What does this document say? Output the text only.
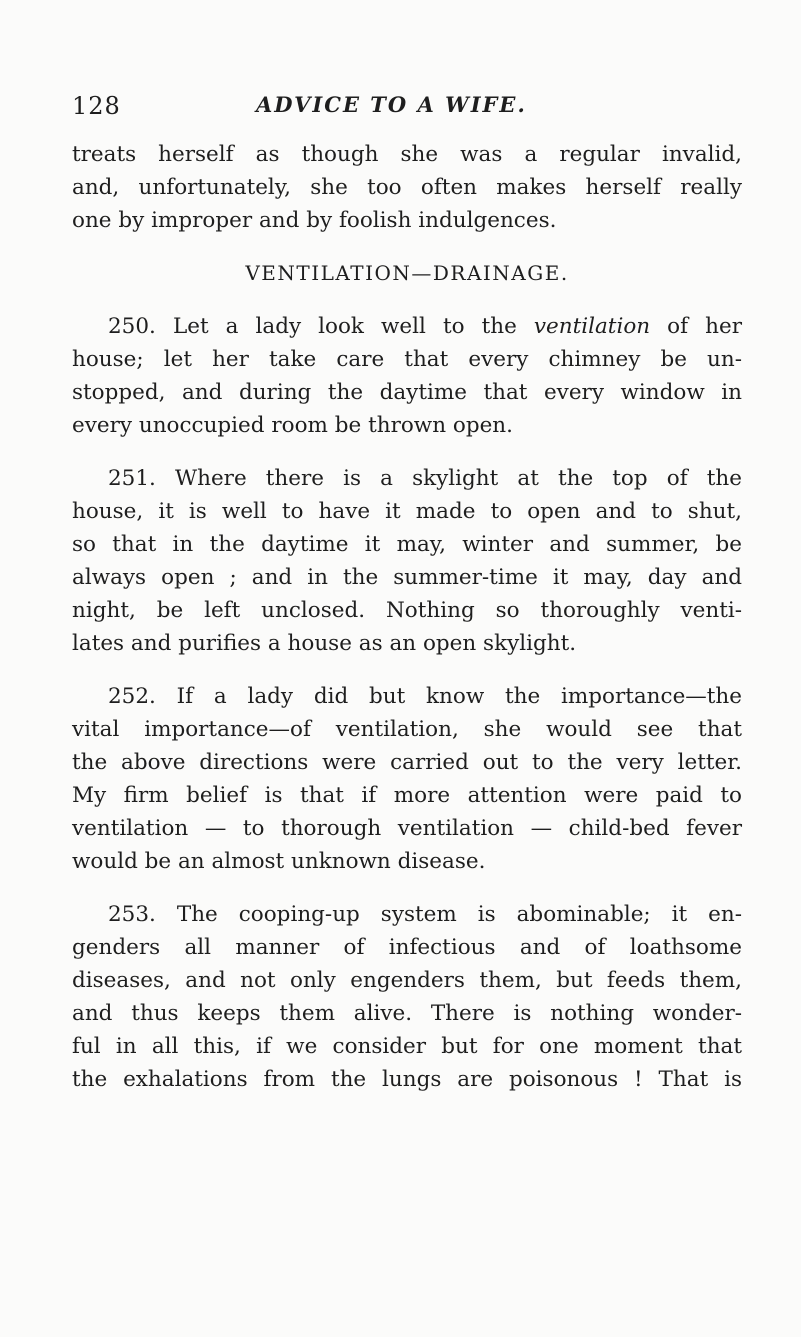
128	ADVICE TO A WIFE.
treats herself as though she was a regular invalid,
and, unfortunately, she too often makes herself really
one by improper and by foolish indulgences.
VENTILATION—DRAINAGE.
250. Let a lady look well to the ventilation of her
house; let her take care that every chimney be un-
stopped, and during the daytime that every window in
every unoccupied room be thrown open.
251. Where there is a skylight at the top of the
house, it is well to have it made to open and to shut,
so that in the daytime it may, winter and summer, be
always open ; and in the summer-time it may, day and
night, be left unclosed. Nothing so thoroughly venti-
lates and purifies a house as an open skylight.
252. If a lady did but know the importance—the
vital importance—of ventilation, she would see that
the above directions were carried out to the very letter.
My firm belief is that if more attention were paid to
ventilation — to thorough ventilation — child-bed fever
would be an almost unknown disease.
253. The cooping-up system is abominable; it en-
genders all manner of infectious and of loathsome
diseases, and not only engenders them, but feeds them,
and thus keeps them alive. There is nothing wonder-
ful in all this, if we consider but for one moment that
the exhalations from the lungs are poisonous ! That is
